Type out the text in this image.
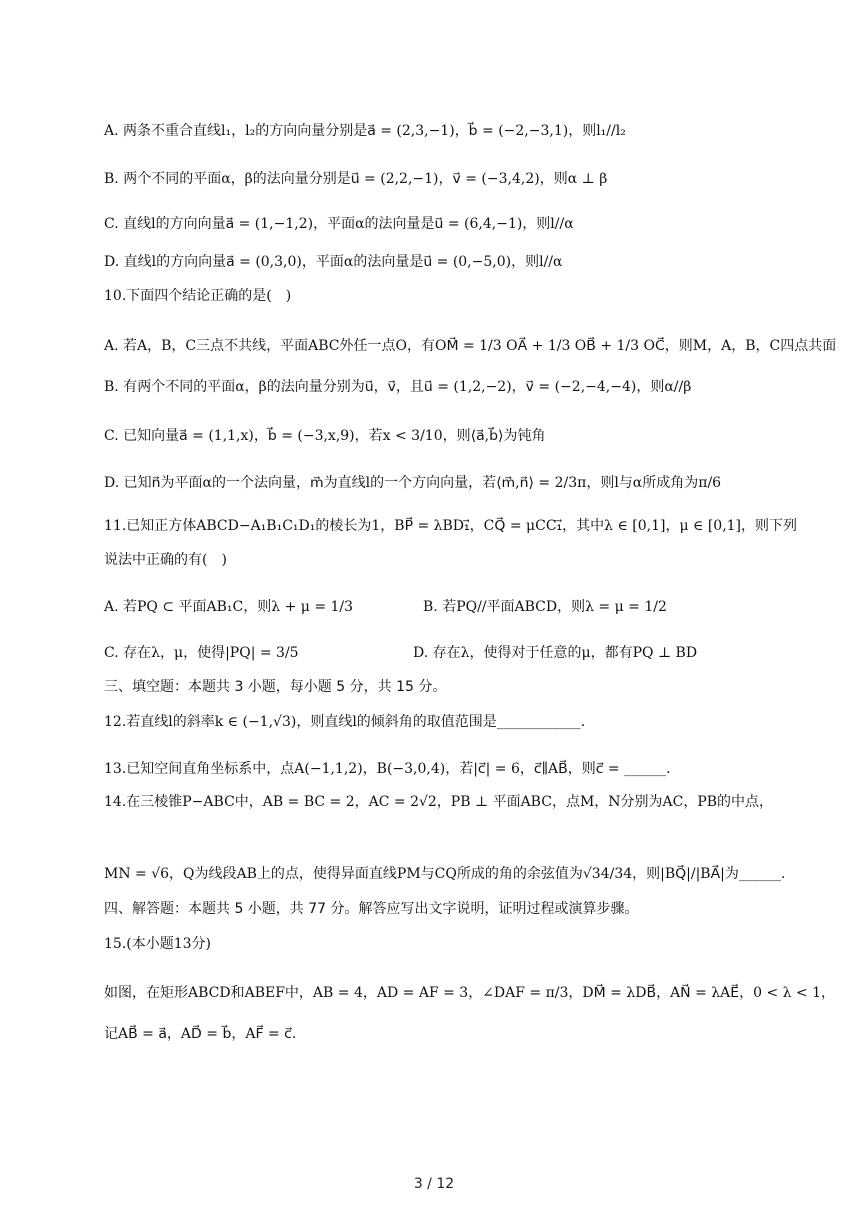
A. 两条不重合直线l₁，l₂的方向向量分别是a⃗ = (2,3,−1)，b⃗ = (−2,−3,1)，则l₁//l₂
B. 两个不同的平面α，β的法向量分别是u⃗ = (2,2,−1)，v⃗ = (−3,4,2)，则α ⊥ β
C. 直线l的方向向量a⃗ = (1,−1,2)，平面α的法向量是u⃗ = (6,4,−1)，则l//α
D. 直线l的方向向量a⃗ = (0,3,0)，平面α的法向量是u⃗ = (0,−5,0)，则l//α
10.下面四个结论正确的是(　)
A. 若A，B，C三点不共线，平面ABC外任一点O，有OM⃗ = 1/3 OA⃗ + 1/3 OB⃗ + 1/3 OC⃗，则M，A，B，C四点共面
B. 有两个不同的平面α，β的法向量分别为u⃗，v⃗，且u⃗ = (1,2,−2)，v⃗ = (−2,−4,−4)，则α//β
C. 已知向量a⃗ = (1,1,x)，b⃗ = (−3,x,9)，若x < 3/10，则⟨a⃗,b⃗⟩为钝角
D. 已知n⃗为平面α的一个法向量，m⃗为直线l的一个方向向量，若⟨m⃗,n⃗⟩ = 2/3π，则l与α所成角为π/6
11.已知正方体ABCD−A₁B₁C₁D₁的棱长为1，BP⃗ = λBD₁⃗，CQ⃗ = μCC₁⃗，其中λ ∈ [0,1]，μ ∈ [0,1]，则下列
说法中正确的有(　)
A. 若PQ ⊂ 平面AB₁C，则λ + μ = 1/3	B. 若PQ//平面ABCD，则λ = μ = 1/2
C. 存在λ，μ，使得|PQ| = 3/5	D. 存在λ，使得对于任意的μ，都有PQ ⊥ BD
三、填空题：本题共 3 小题，每小题 5 分，共 15 分。
12.若直线l的斜率k ∈ (−1,√3)，则直线l的倾斜角的取值范围是____________.
13.已知空间直角坐标系中，点A(−1,1,2)，B(−3,0,4)，若|c⃗| = 6，c⃗∥AB⃗，则c⃗ = ______.
14.在三棱锥P−ABC中，AB = BC = 2，AC = 2√2，PB ⊥ 平面ABC，点M，N分别为AC，PB的中点，
MN = √6，Q为线段AB上的点，使得异面直线PM与CQ所成的角的余弦值为√34/34，则|BQ⃗|/|BA⃗|为______.
四、解答题：本题共 5 小题，共 77 分。解答应写出文字说明，证明过程或演算步骤。
15.(本小题13分)
如图，在矩形ABCD和ABEF中，AB = 4，AD = AF = 3，∠DAF = π/3，DM⃗ = λDB⃗，AN⃗ = λAE⃗，0 < λ < 1，
记AB⃗ = a⃗，AD⃗ = b⃗，AF⃗ = c⃗.
3 / 12
